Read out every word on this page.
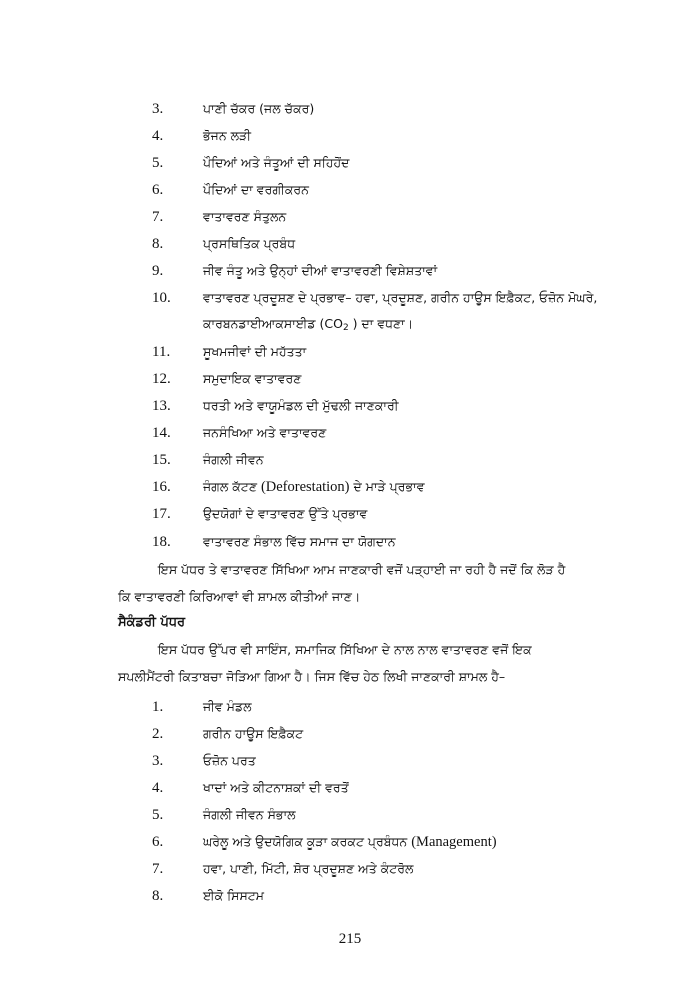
3.	ਪਾਣੀ ਚੱਕਰ (ਜਲ ਚੱਕਰ)
4.	ਭੋਜਨ ਲੜੀ
5.	ਪੌਦਿਆਂ ਅਤੇ ਜੰਤੂਆਂ ਦੀ ਸਹਿਹੋਂਦ
6.	ਪੌਦਿਆਂ ਦਾ ਵਰਗੀਕਰਨ
7.	ਵਾਤਾਵਰਣ ਸੰਤੁਲਨ
8.	ਪ੍ਰਸਥਿਤਿਕ ਪ੍ਰਬੰਧ
9.	ਜੀਵ ਜੰਤੂ ਅਤੇ ਉਨ੍ਹਾਂ ਦੀਆਂ ਵਾਤਾਵਰਣੀ ਵਿਸ਼ੇਸ਼ਤਾਵਾਂ
10.	ਵਾਤਾਵਰਣ ਪ੍ਰਦੂਸ਼ਣ ਦੇ ਪ੍ਰਭਾਵ– ਹਵਾ, ਪ੍ਰਦੂਸ਼ਣ, ਗਰੀਨ ਹਾਊਸ ਇਫ਼ੈਕਟ, ਓਜ਼ੋਨ ਮੋਘਰੇ,
ਕਾਰਬਨਡਾਈਆਕਸਾਈਡ ($CO_2$ ) ਦਾ ਵਧਣਾ।
11.	ਸੂਖਮਜੀਵਾਂ ਦੀ ਮਹੱਤਤਾ
12.	ਸਮੁਦਾਇਕ ਵਾਤਾਵਰਣ
13.	ਧਰਤੀ ਅਤੇ ਵਾਯੂਮੰਡਲ ਦੀ ਮੁੱਢਲੀ ਜਾਣਕਾਰੀ
14.	ਜਨਸੰਖਿਆ ਅਤੇ ਵਾਤਾਵਰਣ
15.	ਜੰਗਲੀ ਜੀਵਨ
16.	ਜੰਗਲ ਕੱਟਣ (Deforestation) ਦੇ ਮਾੜੇ ਪ੍ਰਭਾਵ
17.	ਉਦਯੋਗਾਂ ਦੇ ਵਾਤਾਵਰਣ ਉੱਤੇ ਪ੍ਰਭਾਵ
18.	ਵਾਤਾਵਰਣ ਸੰਭਾਲ ਵਿੱਚ ਸਮਾਜ ਦਾ ਯੋਗਦਾਨ
ਇਸ ਪੱਧਰ ਤੇ ਵਾਤਾਵਰਣ ਸਿੱਖਿਆ ਆਮ ਜਾਣਕਾਰੀ ਵਜੋਂ ਪੜ੍ਹਾਈ ਜਾ ਰਹੀ ਹੈ ਜਦੋਂ ਕਿ ਲੋੜ ਹੈ
ਕਿ ਵਾਤਾਵਰਣੀ ਕਿਰਿਆਵਾਂ ਵੀ ਸ਼ਾਮਲ ਕੀਤੀਆਂ ਜਾਣ।
ਸੈਕੰਡਰੀ ਪੱਧਰ
ਇਸ ਪੱਧਰ ਉੱਪਰ ਵੀ ਸਾਇੰਸ, ਸਮਾਜਿਕ ਸਿੱਖਿਆ ਦੇ ਨਾਲ ਨਾਲ ਵਾਤਾਵਰਣ ਵਜੋਂ ਇਕ
ਸਪਲੀਮੈਂਟਰੀ ਕਿਤਾਬਚਾ ਜੋੜਿਆ ਗਿਆ ਹੈ। ਜਿਸ ਵਿੱਚ ਹੇਠ ਲਿਖੀ ਜਾਣਕਾਰੀ ਸ਼ਾਮਲ ਹੈ–
1.	ਜੀਵ ਮੰਡਲ
2.	ਗਰੀਨ ਹਾਊਸ ਇਫ਼ੈਕਟ
3.	ਓਜ਼ੋਨ ਪਰਤ
4.	ਖਾਦਾਂ ਅਤੇ ਕੀਟਨਾਸ਼ਕਾਂ ਦੀ ਵਰਤੋਂ
5.	ਜੰਗਲੀ ਜੀਵਨ ਸੰਭਾਲ
6.	ਘਰੇਲੂ ਅਤੇ ਉਦਯੋਗਿਕ ਕੂੜਾ ਕਰਕਟ ਪ੍ਰਬੰਧਨ (Management)
7.	ਹਵਾ, ਪਾਣੀ, ਮਿੱਟੀ, ਸ਼ੋਰ ਪ੍ਰਦੂਸ਼ਣ ਅਤੇ ਕੰਟਰੋਲ
8.	ਈਕੋ ਸਿਸਟਮ
215
